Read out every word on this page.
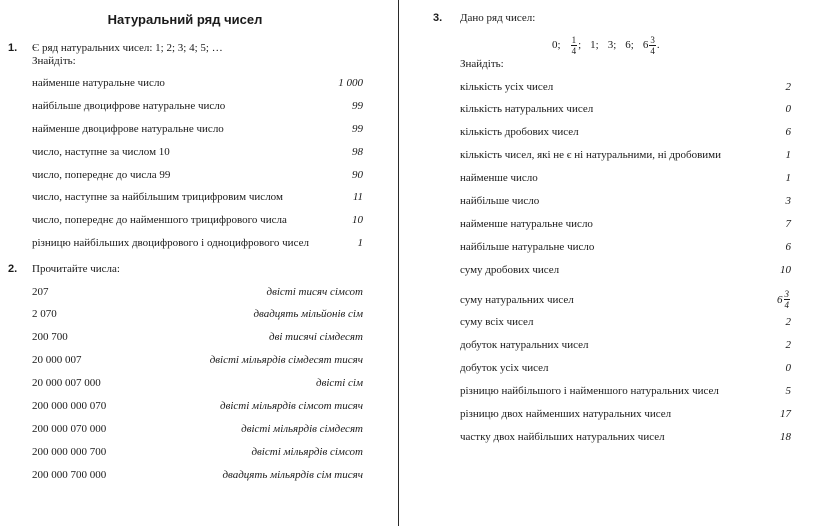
Натуральний ряд чисел
1. Є ряд натуральних чисел: 1; 2; 3; 4; 5; …
Знайдіть:
найменше натуральне число	1 000
найбільше двоцифрове натуральне число	99
найменше двоцифрове натуральне число	99
число, наступне за числом 10	98
число, попереднє до числа 99	90
число, наступне за найбільшим трицифровим числом	11
число, попереднє до найменшого трицифрового числа	10
різницю найбільших двоцифрового і одноцифрового чисел	1
2. Прочитайте числа:
207	двісті тисяч сімсот
2 070	двадцять мільйонів сім
200 700	дві тисячі сімдесят
20 000 007	двісті мільярдів сімдесят тисяч
20 000 007 000	двісті сім
200 000 000 070	двісті мільярдів сімсот тисяч
200 000 070 000	двісті мільярдів сімдесят
200 000 000 700	двісті мільярдів сімсот
200 000 700 000	двадцять мільярдів сім тисяч
3. Дано ряд чисел:
0; $\frac{1}{4}$ ; 1; 3; 6; $6 \frac{3}{4}$ .
Знайдіть:
кількість усіх чисел	2
кількість натуральних чисел	0
кількість дробових чисел	6
кількість чисел, які не є ні натуральними, ні дробовими	1
найменше число	1
найбільше число	3
найменше натуральне число	7
найбільше натуральне число	6
суму дробових чисел	10
суму натуральних чисел	$6 \frac{3}{4}$
суму всіх чисел	2
добуток натуральних чисел	2
добуток усіх чисел	0
різницю найбільшого і найменшого натуральних чисел	5
різницю двох найменших натуральних чисел	17
частку двох найбільших натуральних чисел	18
